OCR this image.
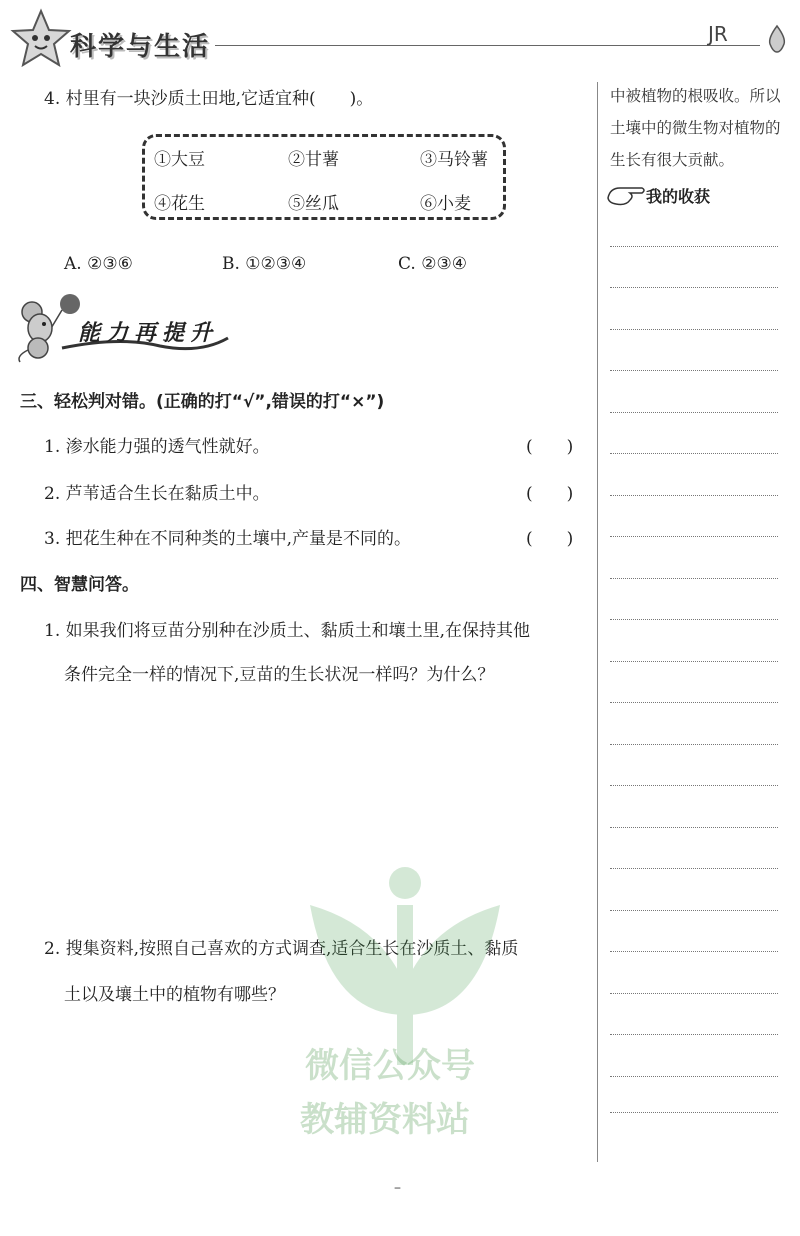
科学与生活	JR
中被植物的根吸收。所以土壤中的微生物对植物的生长有很大贡献。
我的收获
4. 村里有一块沙质土田地,它适宜种(　　)。
①大豆	②甘薯	③马铃薯
④花生	⑤丝瓜	⑥小麦
A. ②③⑥	B. ①②③④	C. ②③④
能力再提升
三、轻松判对错。(正确的打“√”,错误的打“×”)
1. 渗水能力强的透气性就好。	(　　)
2. 芦苇适合生长在黏质土中。	(　　)
3. 把花生种在不同种类的土壤中,产量是不同的。	(　　)
四、智慧问答。
1. 如果我们将豆苗分别种在沙质土、黏质土和壤土里,在保持其他
条件完全一样的情况下,豆苗的生长状况一样吗？为什么？
2. 搜集资料,按照自己喜欢的方式调查,适合生长在沙质土、黏质
土以及壤土中的植物有哪些？
微信公众号
教辅资料站
–
